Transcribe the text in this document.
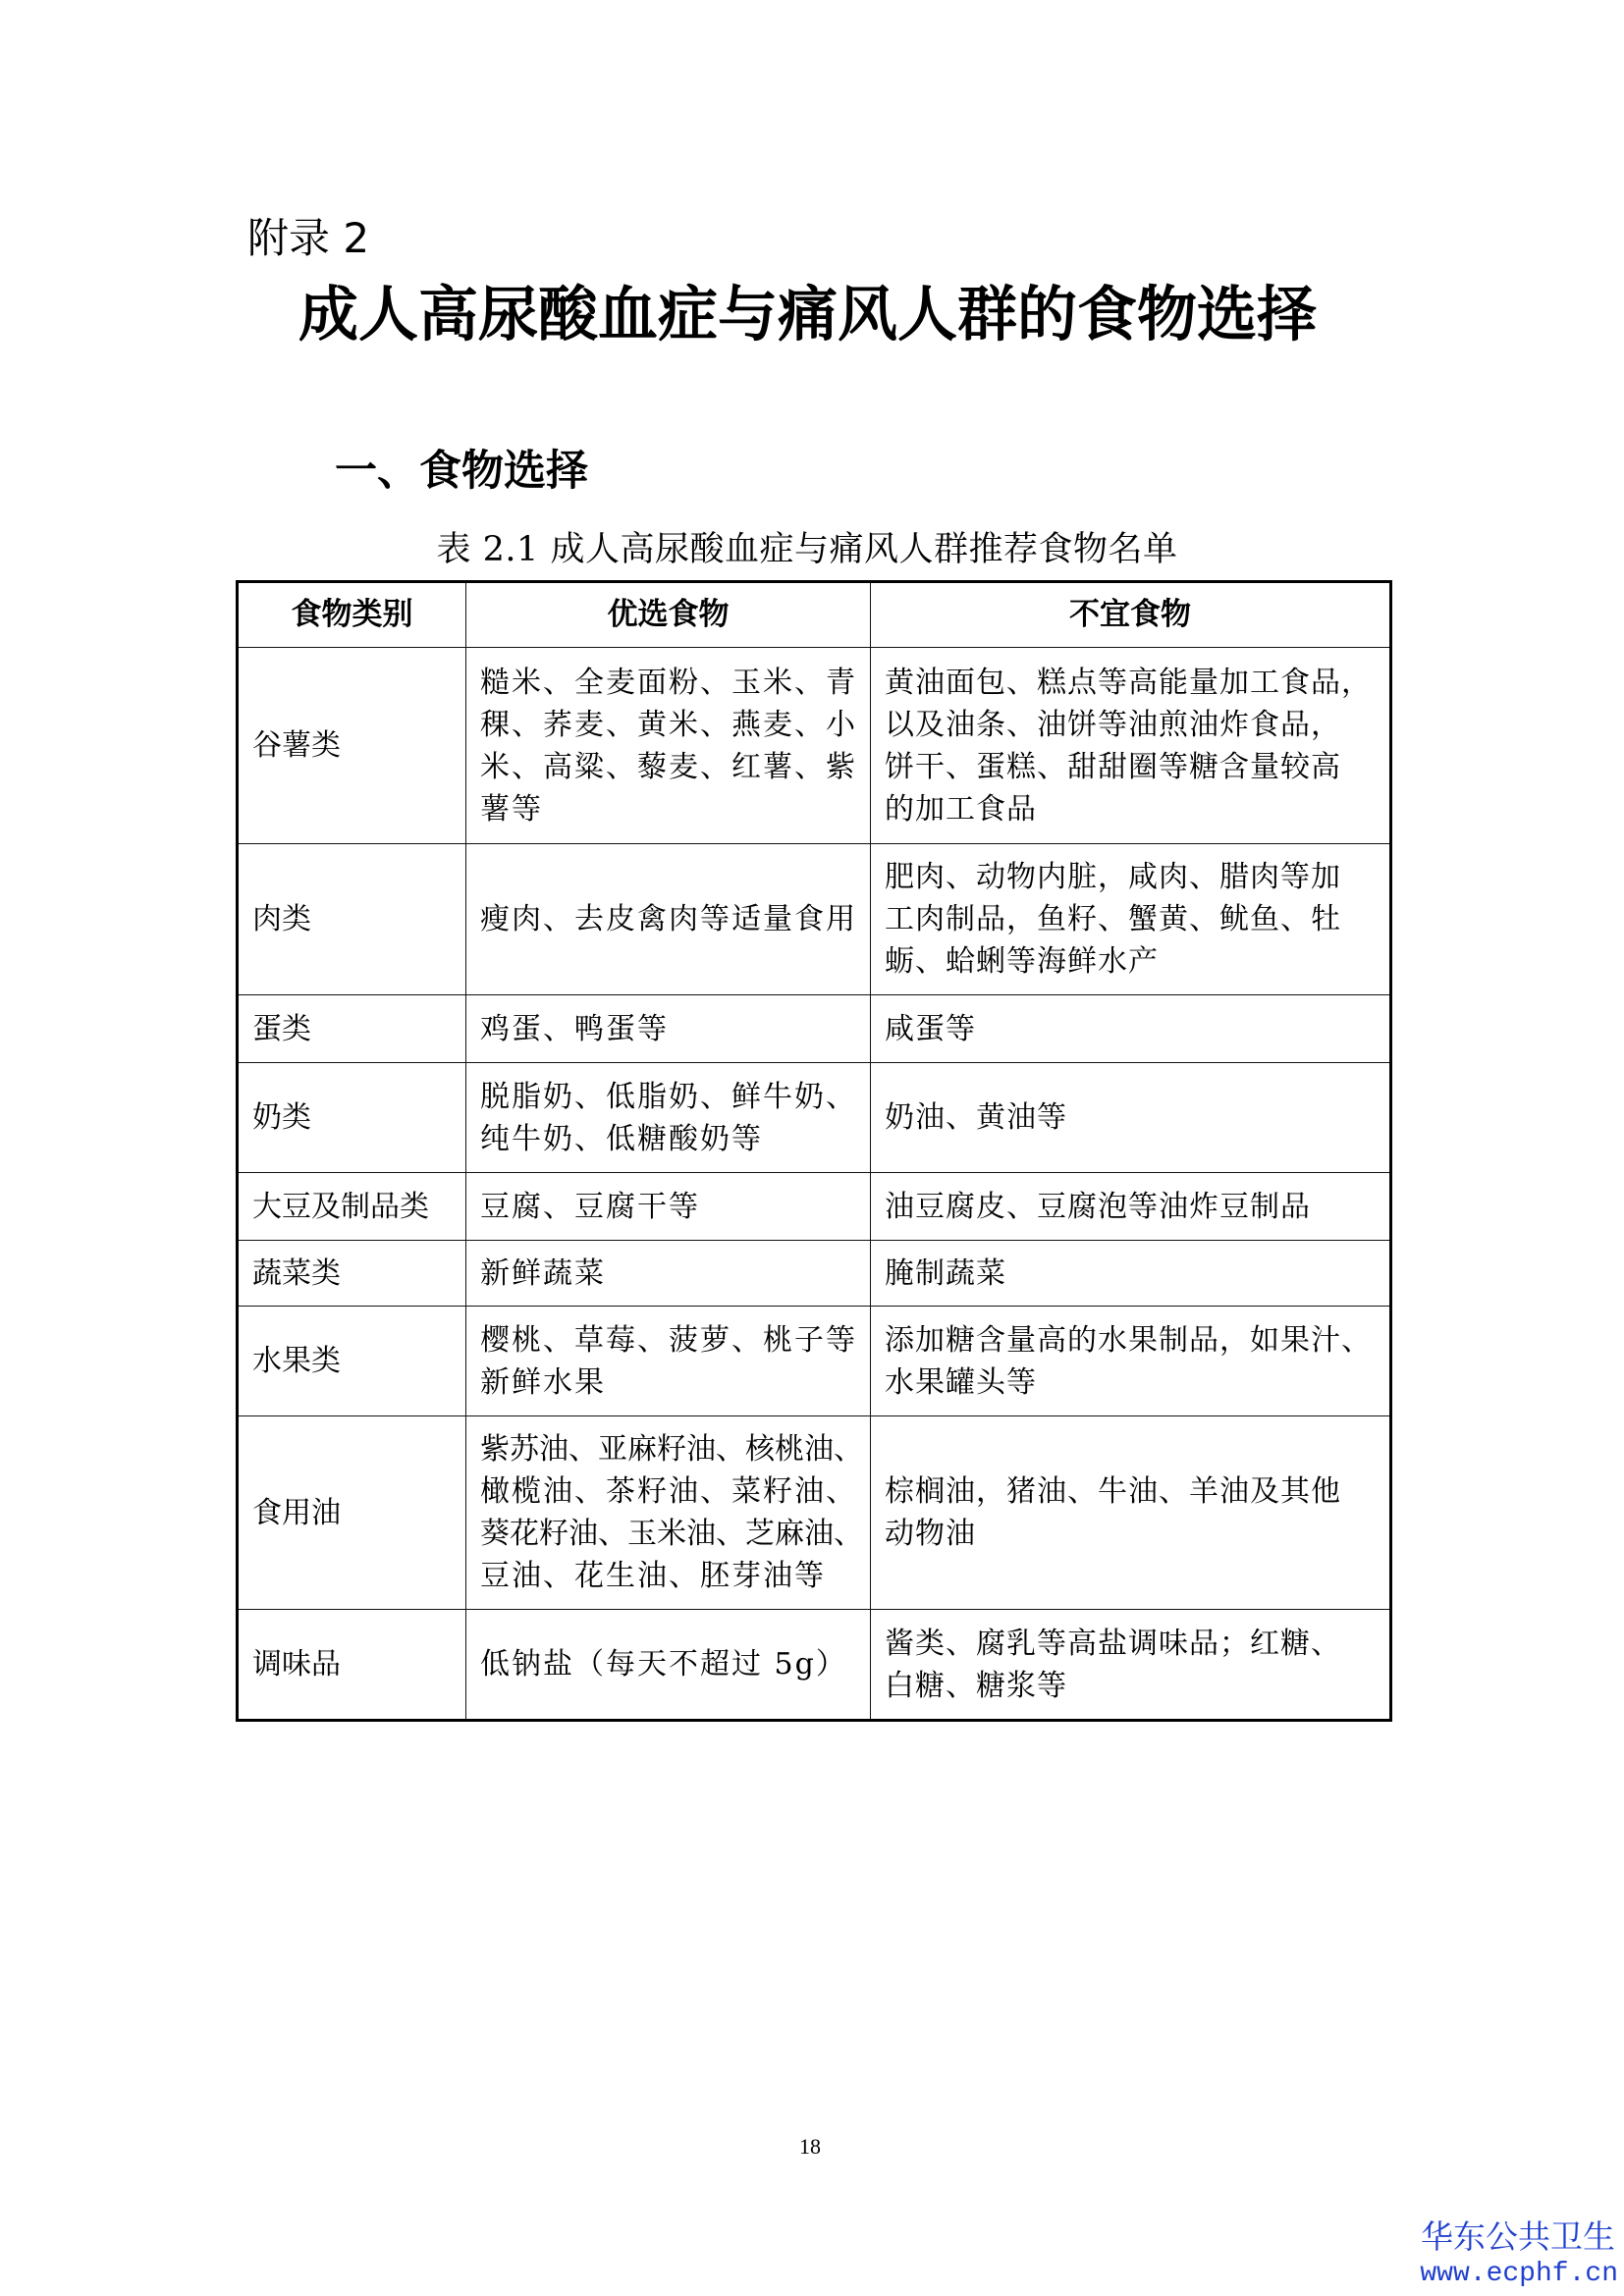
附录 2
成人高尿酸血症与痛风人群的食物选择
一、食物选择
表 2.1 成人高尿酸血症与痛风人群推荐食物名单
食物类别	优选食物	不宜食物

谷薯类	糙米、全麦面粉、玉米、青
稞、荞麦、黄米、燕麦、小
米、高粱、藜麦、红薯、紫
薯等	黄油面包、糕点等高能量加工食品，
以及油条、油饼等油煎油炸食品，
饼干、蛋糕、甜甜圈等糖含量较高
的加工食品

肉类	瘦肉、去皮禽肉等适量食用	肥肉、动物内脏，咸肉、腊肉等加
工肉制品，鱼籽、蟹黄、鱿鱼、牡
蛎、蛤蜊等海鲜水产

蛋类	鸡蛋、鸭蛋等	咸蛋等

奶类	脱脂奶、低脂奶、鲜牛奶、
纯牛奶、低糖酸奶等	奶油、黄油等

大豆及制品类	豆腐、豆腐干等	油豆腐皮、豆腐泡等油炸豆制品

蔬菜类	新鲜蔬菜	腌制蔬菜

水果类	樱桃、草莓、菠萝、桃子等
新鲜水果	添加糖含量高的水果制品，如果汁、
水果罐头等

食用油	紫苏油、亚麻籽油、核桃油、
橄榄油、茶籽油、菜籽油、
葵花籽油、玉米油、芝麻油、
豆油、花生油、胚芽油等	棕榈油，猪油、牛油、羊油及其他
动物油

调味品	低钠盐（每天不超过 5g）	酱类、腐乳等高盐调味品；红糖、
白糖、糖浆等
18
华东公共卫生
www.ecphf.cn
